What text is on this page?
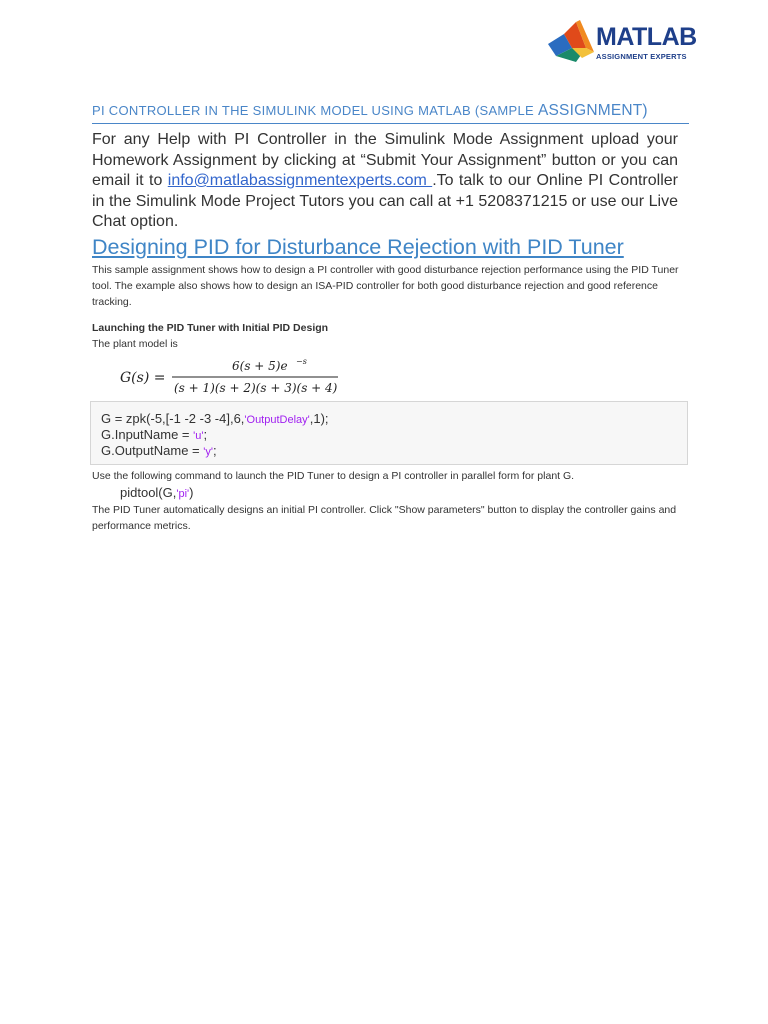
MATLAB
ASSIGNMENT EXPERTS
PI CONTROLLER IN THE SIMULINK MODEL USING MATLAB (SAMPLE ASSIGNMENT)

For any Help with PI Controller in the Simulink Mode Assignment upload your Homework Assignment by clicking at “Submit Your Assignment” button or you can email it to info@matlabassignmentexperts.com .To talk to our Online PI Controller in the Simulink Mode Project Tutors you can call at +1 5208371215 or use our Live Chat option.

Designing PID for Disturbance Rejection with PID Tuner

This sample assignment shows how to design a PI controller with good disturbance rejection performance using the PID Tuner tool. The example also shows how to design an ISA-PID controller for both good disturbance rejection and good reference tracking.

Launching the PID Tuner with Initial PID Design

The plant model is

G(s) =
6(s + 5)e −s
(s + 1)(s + 2)(s + 3)(s + 4)
G = zpk(-5,[-1 -2 -3 -4],6,'OutputDelay',1);
G.InputName = 'u';
G.OutputName = 'y';

Use the following command to launch the PID Tuner to design a PI controller in parallel form for plant G.

pidtool(G,'pi')

The PID Tuner automatically designs an initial PI controller. Click "Show parameters" button to display the controller gains and performance metrics.
